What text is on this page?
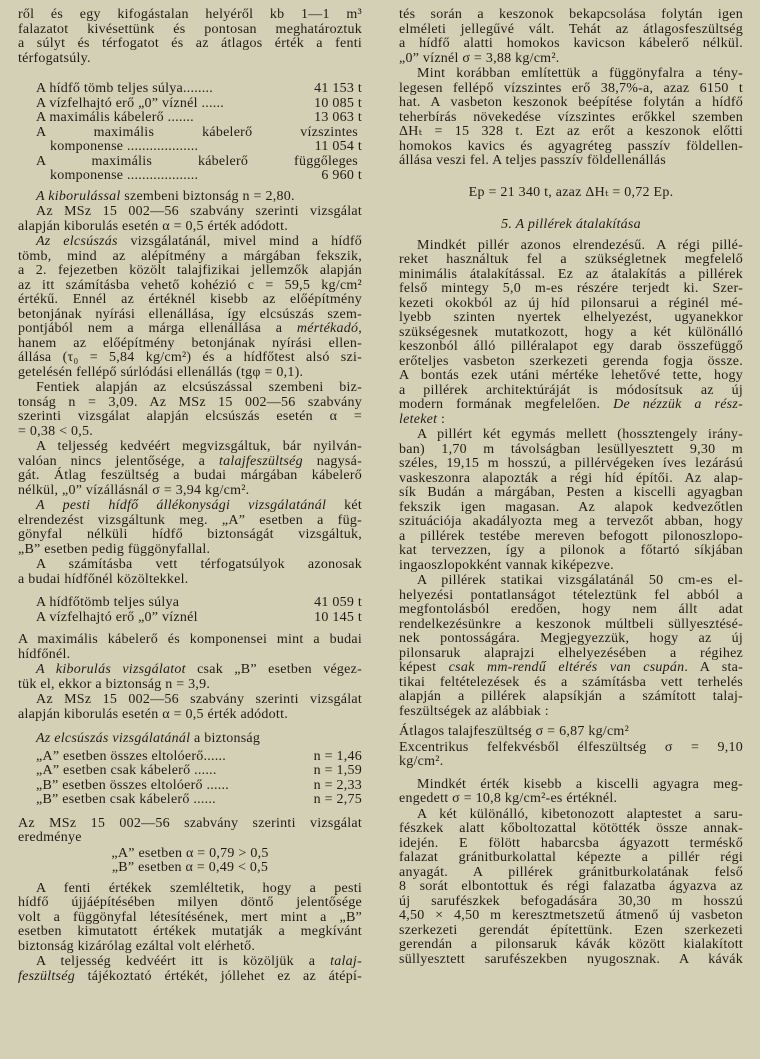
ről és egy kifogástalan helyéről kb 1—1 m³
falazatot kivésettünk és pontosan meghatároztuk
a súlyt és térfogatot és az átlagos érték a fenti
térfogatsúly.
A hídfő tömb teljes súlya........	41 153 t
A vízfelhajtó erő „0” víznél ......	10 085 t
A maximális kábelerő .......	13 063 t
A maximális kábelerő vízszintes
komponense ...................	11 054 t
A maximális kábelerő függőleges
komponense ...................	6 960 t
A kiborulással szembeni biztonság n = 2,80.
Az MSz 15 002—56 szabvány szerinti vizsgálat
alapján kiborulás esetén α = 0,5 érték adódott.
Az elcsúszás vizsgálatánál, mivel mind a hídfő
tömb, mind az alépítmény a márgában fekszik,
a 2. fejezetben közölt talajfizikai jellemzők alapján
az itt számításba vehető kohézió c = 59,5 kg/cm²
értékű. Ennél az értéknél kisebb az előépítmény
betonjának nyírási ellenállása, így elcsúszás szem-
pontjából nem a márga ellenállása a mértékadó,
hanem az előépítmény betonjának nyírási ellen-
állása (τ₀ = 5,84 kg/cm²) és a hídfőtest alsó szi-
getelésén fellépő súrlódási ellenállás (tgφ = 0,1).
Fentiek alapján az elcsúszással szembeni biz-
tonság n = 3,09. Az MSz 15 002—56 szabvány
szerinti vizsgálat alapján elcsúszás esetén α =
= 0,38 < 0,5.
A teljesség kedvéért megvizsgáltuk, bár nyilván-
valóan nincs jelentősége, a talajfeszültség nagysá-
gát. Átlag feszültség a budai márgában kábelerő
nélkül, „0” vízállásnál σ = 3,94 kg/cm².
A pesti hídfő állékonysági vizsgálatánál két
elrendezést vizsgáltunk meg. „A” esetben a füg-
gönyfal nélküli hídfő biztonságát vizsgáltuk,
„B” esetben pedig függönyfallal.
A számításba vett térfogatsúlyok azonosak
a budai hídfőnél közöltekkel.
A hídfőtömb teljes súlya	41 059 t
A vízfelhajtó erő „0” víznél	10 145 t
A maximális kábelerő és komponensei mint a budai
hídfőnél.
A kiborulás vizsgálatot csak „B” esetben végez-
tük el, ekkor a biztonság n = 3,9.
Az MSz 15 002—56 szabvány szerinti vizsgálat
alapján kiborulás esetén α = 0,5 érték adódott.
Az elcsúszás vizsgálatánál a biztonság
„A” esetben összes eltolóerő......	n = 1,46
„A” esetben csak kábelerő ......	n = 1,59
„B” esetben összes eltolóerő ......	n = 2,33
„B” esetben csak kábelerő ......	n = 2,75
Az MSz 15 002—56 szabvány szerinti vizsgálat
eredménye
„A” esetben α = 0,79 > 0,5
„B” esetben α = 0,49 < 0,5
A fenti értékek szemléltetik, hogy a pesti
hídfő újjáépítésében milyen döntő jelentősége
volt a függönyfal létesítésének, mert mint a „B”
esetben kimutatott értékek mutatják a megkívánt
biztonság kizárólag ezáltal volt elérhető.
A teljesség kedvéért itt is közöljük a talaj-
feszültség tájékoztató értékét, jóllehet ez az átépí-
tés során a keszonok bekapcsolása folytán igen
elméleti jellegűvé vált. Tehát az átlagosfeszültség
a hídfő alatti homokos kavicson kábelerő nélkül.
„0” víznél σ = 3,88 kg/cm².
Mint korábban említettük a függönyfalra a tény-
legesen fellépő vízszintes erő 38,7%-a, azaz 6150 t
hat. A vasbeton keszonok beépítése folytán a hídfő
teherbírás növekedése vízszintes erőkkel szemben
ΔHₜ = 15 328 t. Ezt az erőt a keszonok előtti
homokos kavics és agyagréteg passzív földellen-
állása veszi fel. A teljes passzív földellenállás
Ep = 21 340 t, azaz ΔHₜ = 0,72 Ep.
5. A pillérek átalakítása
Mindkét pillér azonos elrendezésű. A régi pillé-
reket használtuk fel a szükségletnek megfelelő
minimális átalakítással. Ez az átalakítás a pillérek
felső mintegy 5,0 m-es részére terjedt ki. Szer-
kezeti okokból az új híd pilonsarui a réginél mé-
lyebb szinten nyertek elhelyezést, ugyanekkor
szükségesnek mutatkozott, hogy a két különálló
keszonból álló pilléralapot egy darab összefüggő
erőteljes vasbeton szerkezeti gerenda fogja össze.
A bontás ezek utáni mértéke lehetővé tette, hogy
a pillérek architektúráját is módosítsuk az új
modern formának megfelelően. De nézzük a rész-
leteket :
A pillért két egymás mellett (hossztengely irány-
ban) 1,70 m távolságban lesüllyesztett 9,30 m
széles, 19,15 m hosszú, a pillérvégeken íves lezárású
vaskeszonra alapozták a régi híd építői. Az alap-
sík Budán a márgában, Pesten a kiscelli agyagban
fekszik igen magasan. Az alapok kedvezőtlen
szituációja akadályozta meg a tervezőt abban, hogy
a pillérek testébe mereven befogott pilonoszlopo-
kat tervezzen, így a pilonok a főtartó síkjában
ingaoszlopokként vannak kiképezve.
A pillérek statikai vizsgálatánál 50 cm-es el-
helyezési pontatlanságot tételeztünk fel abból a
megfontolásból eredően, hogy nem állt adat
rendelkezésünkre a keszonok múltbeli süllyesztésé-
nek pontosságára. Megjegyezzük, hogy az új
pilonsaruk alaprajzi elhelyezésében a régihez
képest csak mm-rendű eltérés van csupán. A sta-
tikai feltételezések és a számításba vett terhelés
alapján a pillérek alapsíkján a számított talaj-
feszültségek az alábbiak :
Átlagos talajfeszültség σ = 6,87 kg/cm²
Excentrikus felfekvésből élfeszültség σ = 9,10
kg/cm².
Mindkét érték kisebb a kiscelli agyagra meg-
engedett σ = 10,8 kg/cm²-es értéknél.
A két különálló, kibetonozott alaptestet a saru-
fészkek alatt kőboltozattal kötötték össze annak-
idején. E fölött habarcsba ágyazott terméskő
falazat gránitburkolattal képezte a pillér régi
anyagát. A pillérek gránitburkolatának felső
8 sorát elbontottuk és régi falazatba ágyazva az
új sarufészkek befogadására 30,30 m hosszú
4,50 × 4,50 m keresztmetszetű átmenő új vasbeton
szerkezeti gerendát építettünk. Ezen szerkezeti
gerendán a pilonsaruk kávák között kialakított
süllyesztett sarufészekben nyugosznak. A kávák
